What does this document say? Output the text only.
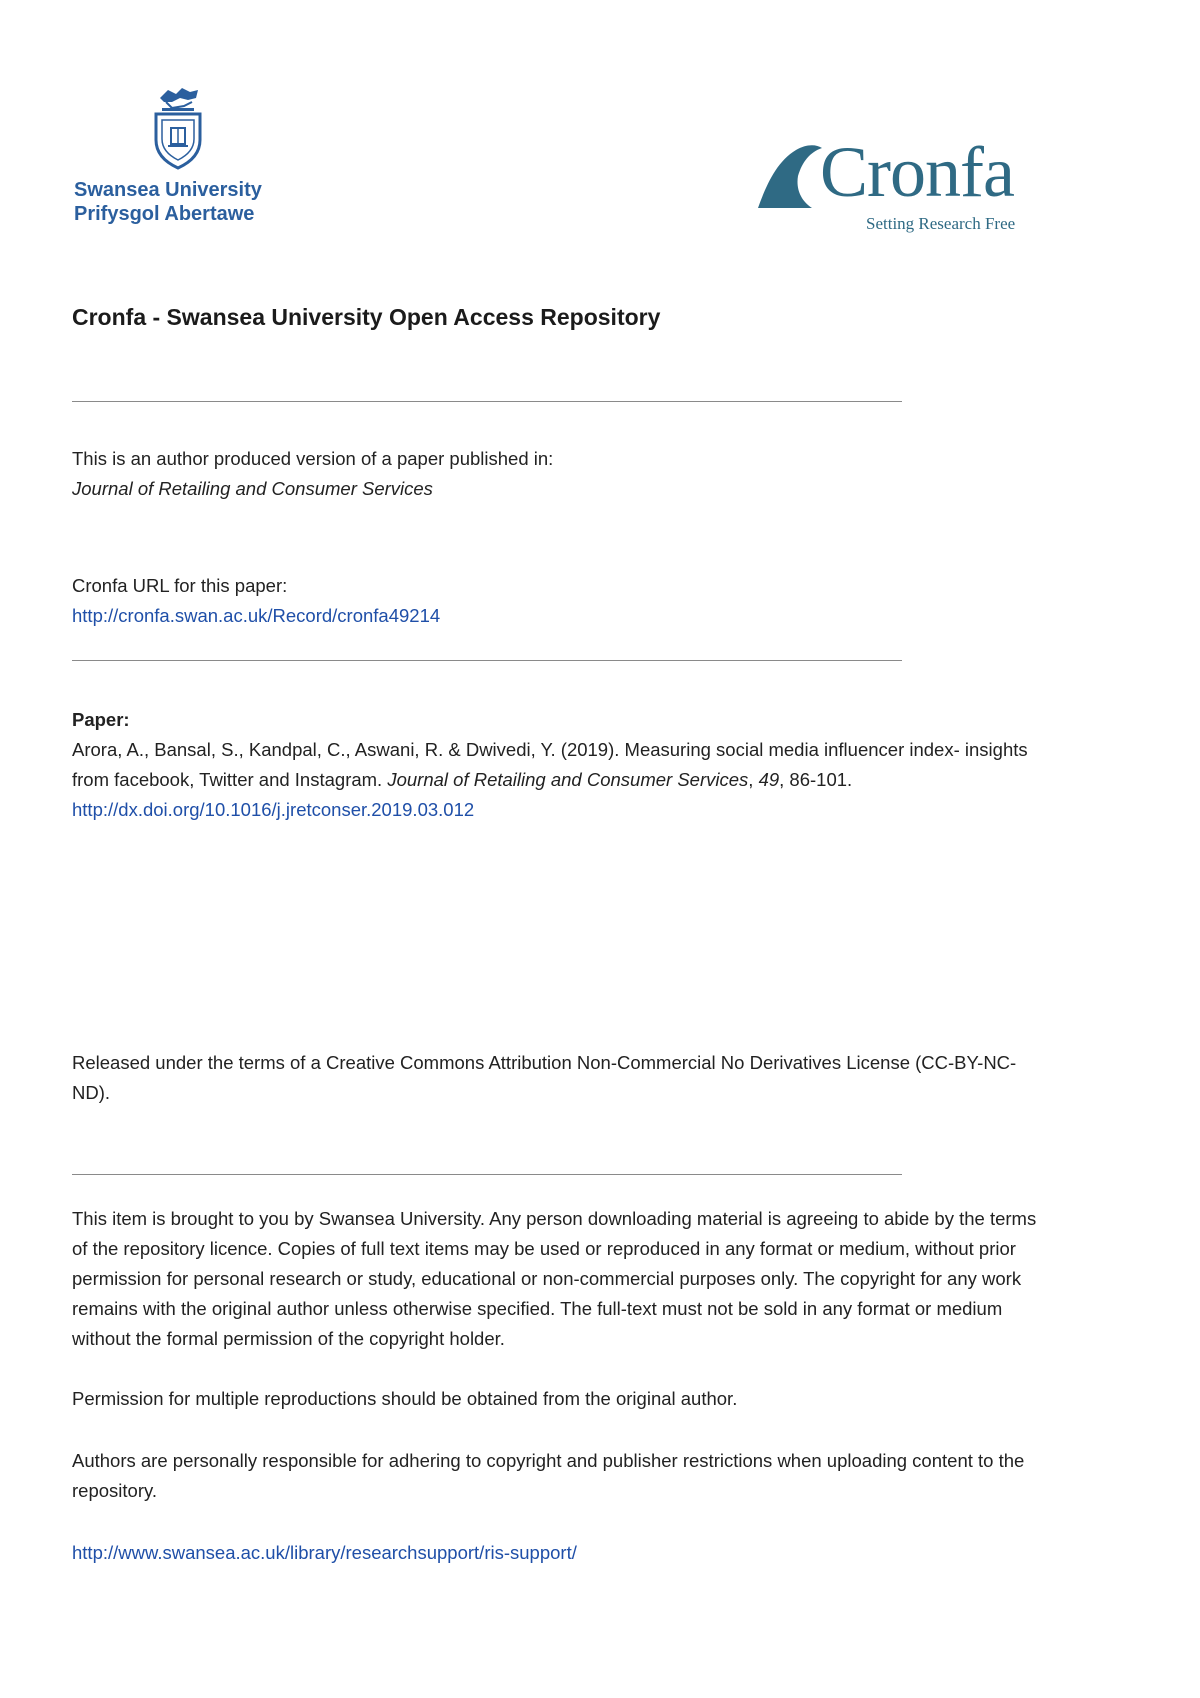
Swansea University
Prifysgol Abertawe
Cronfa
Setting Research Free
Cronfa - Swansea University Open Access Repository
This is an author produced version of a paper published in:
Journal of Retailing and Consumer Services
Cronfa URL for this paper:
http://cronfa.swan.ac.uk/Record/cronfa49214
Paper:
Arora, A., Bansal, S., Kandpal, C., Aswani, R. & Dwivedi, Y. (2019). Measuring social media influencer index- insights
from facebook, Twitter and Instagram. Journal of Retailing and Consumer Services, 49, 86-101.
http://dx.doi.org/10.1016/j.jretconser.2019.03.012
Released under the terms of a Creative Commons Attribution Non-Commercial No Derivatives License (CC-BY-NC-
ND).
This item is brought to you by Swansea University. Any person downloading material is agreeing to abide by the terms
of the repository licence. Copies of full text items may be used or reproduced in any format or medium, without prior
permission for personal research or study, educational or non-commercial purposes only. The copyright for any work
remains with the original author unless otherwise specified. The full-text must not be sold in any format or medium
without the formal permission of the copyright holder.
Permission for multiple reproductions should be obtained from the original author.
Authors are personally responsible for adhering to copyright and publisher restrictions when uploading content to the
repository.
http://www.swansea.ac.uk/library/researchsupport/ris-support/
